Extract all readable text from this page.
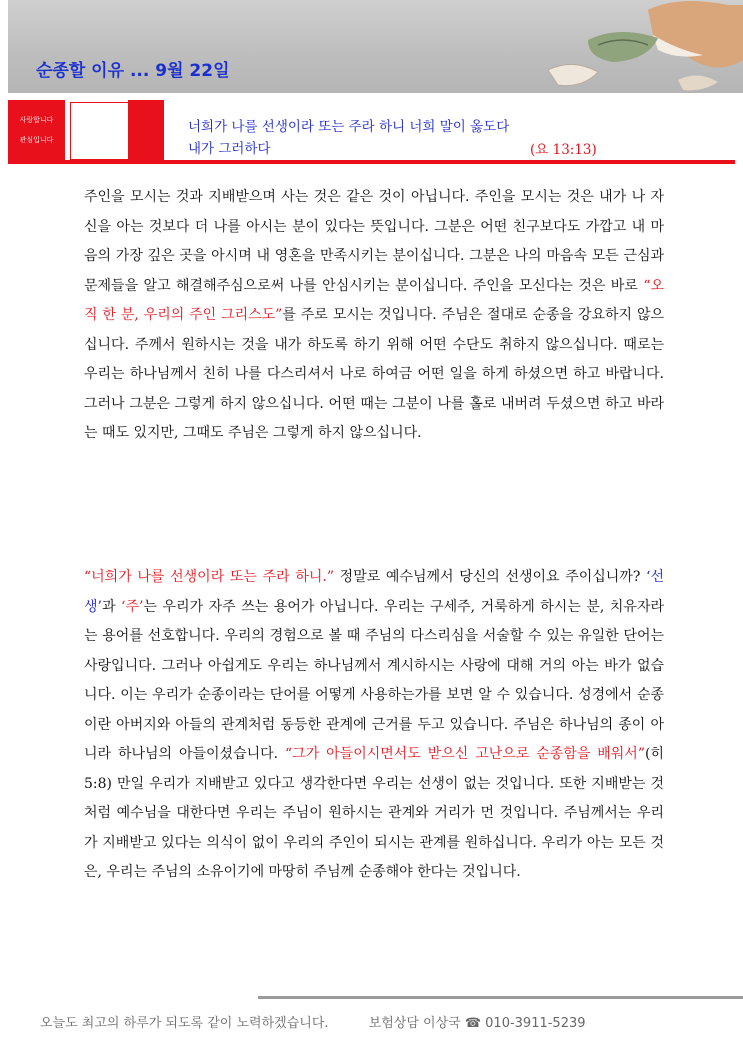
순종할 이유 ... 9월 22일
사랑합니다
관심입니다
너희가 나를 선생이라 또는 주라 하니 너희 말이 옳도다
내가 그러하다	(요 13:13)
주인을 모시는 것과 지배받으며 사는 것은 같은 것이 아닙니다. 주인을 모시는 것은 내가 나 자신을 아는 것보다 더 나를 아시는 분이 있다는 뜻입니다. 그분은 어떤 친구보다도 가깝고 내 마음의 가장 깊은 곳을 아시며 내 영혼을 만족시키는 분이십니다. 그분은 나의 마음속 모든 근심과 문제들을 알고 해결해주심으로써 나를 안심시키는 분이십니다. 주인을 모신다는 것은 바로 “오직 한 분, 우리의 주인 그리스도”를 주로 모시는 것입니다. 주님은 절대로 순종을 강요하지 않으십니다. 주께서 원하시는 것을 내가 하도록 하기 위해 어떤 수단도 취하지 않으십니다. 때로는 우리는 하나님께서 친히 나를 다스리셔서 나로 하여금 어떤 일을 하게 하셨으면 하고 바랍니다. 그러나 그분은 그렇게 하지 않으십니다. 어떤 때는 그분이 나를 홀로 내버려 두셨으면 하고 바라는 때도 있지만, 그때도 주님은 그렇게 하지 않으십니다.
“너희가 나를 선생이라 또는 주라 하니.” 정말로 예수님께서 당신의 선생이요 주이십니까? ‘선생’과 ‘주’는 우리가 자주 쓰는 용어가 아닙니다. 우리는 구세주, 거룩하게 하시는 분, 치유자라는 용어를 선호합니다. 우리의 경험으로 볼 때 주님의 다스리심을 서술할 수 있는 유일한 단어는 사랑입니다. 그러나 아쉽게도 우리는 하나님께서 계시하시는 사랑에 대해 거의 아는 바가 없습니다. 이는 우리가 순종이라는 단어를 어떻게 사용하는가를 보면 알 수 있습니다. 성경에서 순종이란 아버지와 아들의 관계처럼 동등한 관계에 근거를 두고 있습니다. 주님은 하나님의 종이 아니라 하나님의 아들이셨습니다. “그가 아들이시면서도 받으신 고난으로 순종함을 배워서”(히 5:8) 만일 우리가 지배받고 있다고 생각한다면 우리는 선생이 없는 것입니다. 또한 지배받는 것처럼 예수님을 대한다면 우리는 주님이 원하시는 관계와 거리가 먼 것입니다. 주님께서는 우리가 지배받고 있다는 의식이 없이 우리의 주인이 되시는 관계를 원하십니다. 우리가 아는 모든 것은, 우리는 주님의 소유이기에 마땅히 주님께 순종해야 한다는 것입니다.
오늘도 최고의 하루가 되도록 같이 노력하겠습니다.	보험상담 이상국 ☎ 010-3911-5239
